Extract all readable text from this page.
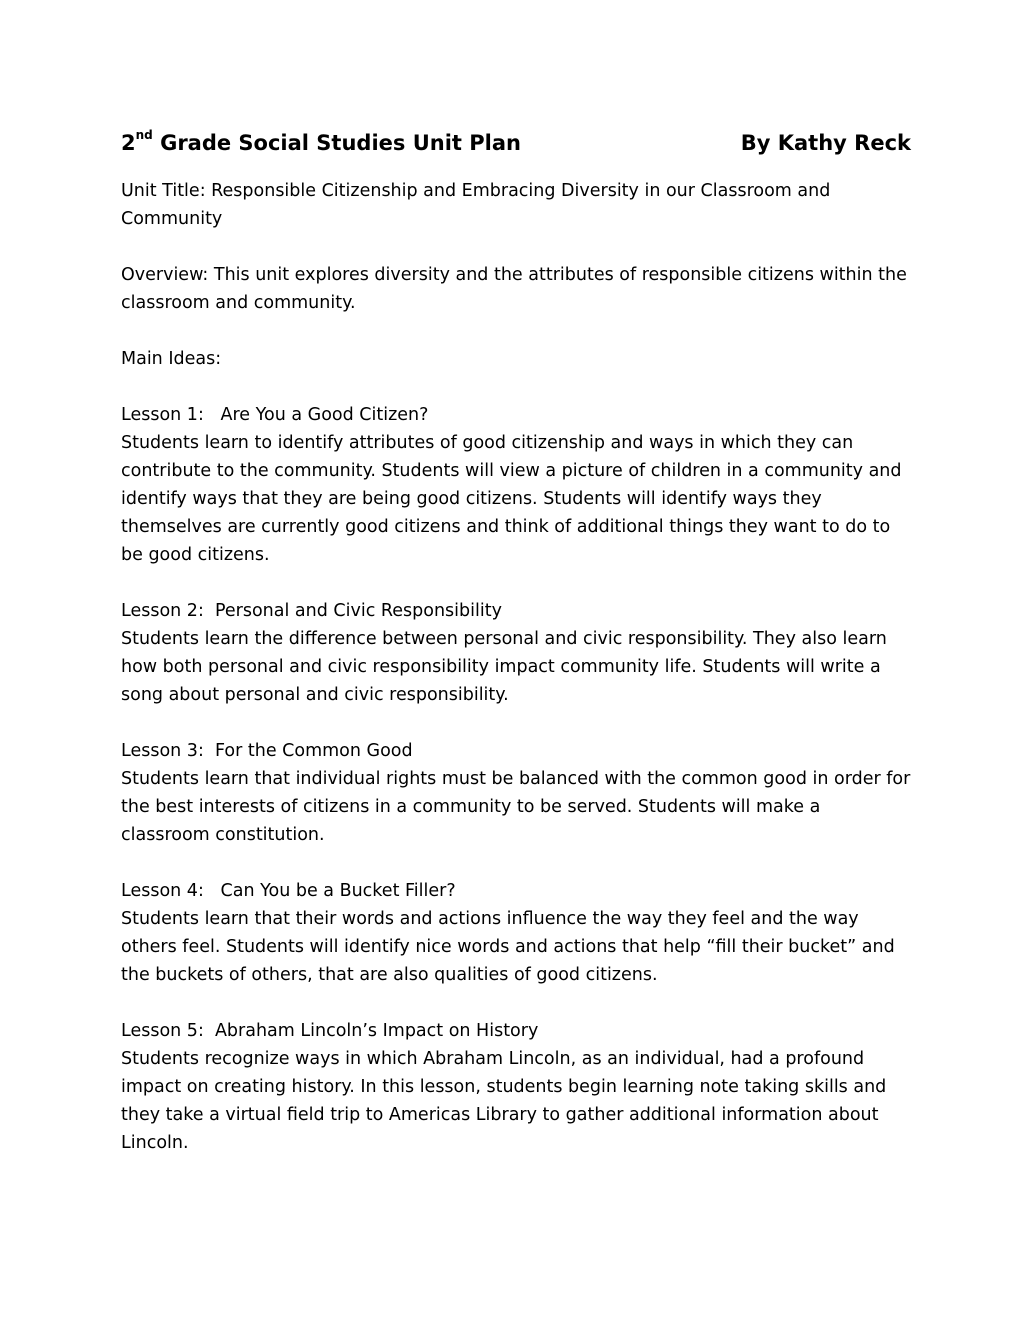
2nd Grade Social Studies Unit Plan	By Kathy Reck
Unit Title: Responsible Citizenship and Embracing Diversity in our Classroom and Community
Overview: This unit explores diversity and the attributes of responsible citizens within the classroom and community.
Main Ideas:
Lesson 1:   Are You a Good Citizen?
Students learn to identify attributes of good citizenship and ways in which they can contribute to the community. Students will view a picture of children in a community and identify ways that they are being good citizens. Students will identify ways they themselves are currently good citizens and think of additional things they want to do to be good citizens.
Lesson 2:  Personal and Civic Responsibility
Students learn the difference between personal and civic responsibility. They also learn how both personal and civic responsibility impact community life. Students will write a song about personal and civic responsibility.
Lesson 3:  For the Common Good
Students learn that individual rights must be balanced with the common good in order for the best interests of citizens in a community to be served. Students will make a classroom constitution.
Lesson 4:   Can You be a Bucket Filler?
Students learn that their words and actions influence the way they feel and the way others feel. Students will identify nice words and actions that help “fill their bucket” and the buckets of others, that are also qualities of good citizens.
Lesson 5:  Abraham Lincoln’s Impact on History
Students recognize ways in which Abraham Lincoln, as an individual, had a profound impact on creating history. In this lesson, students begin learning note taking skills and they take a virtual field trip to Americas Library to gather additional information about Lincoln.
